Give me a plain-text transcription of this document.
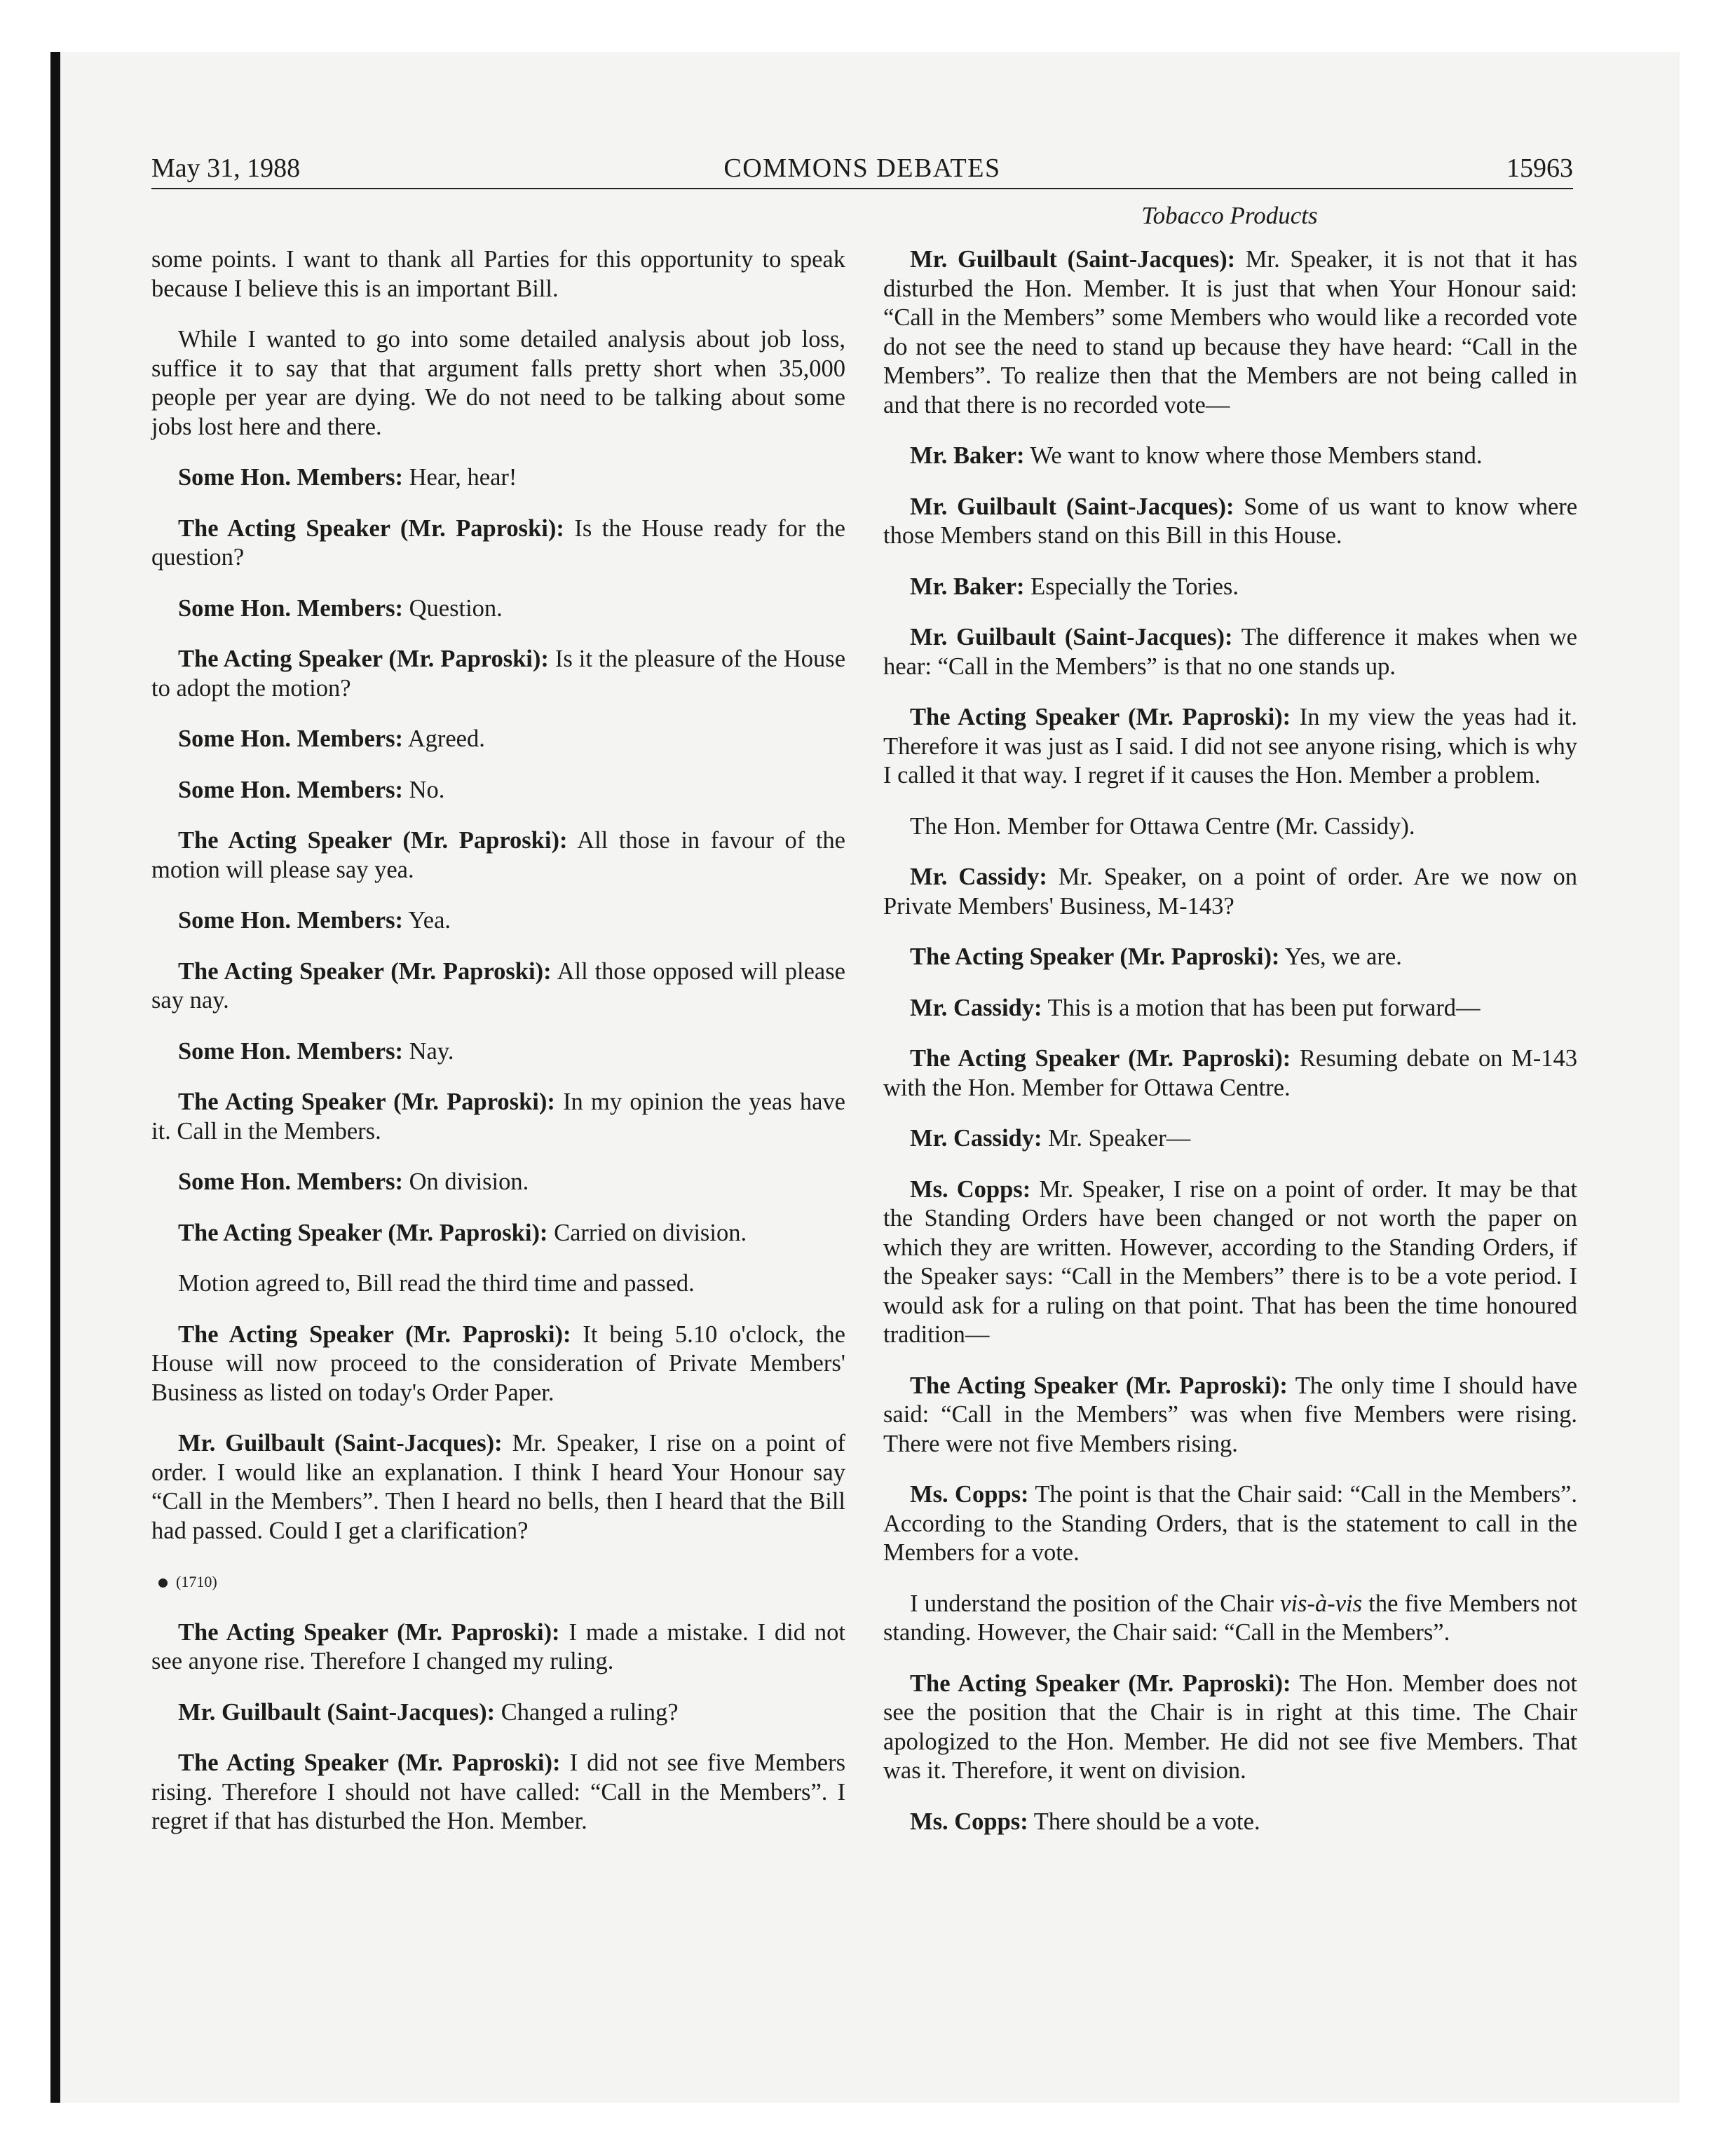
May 31, 1988	COMMONS DEBATES	15963
Tobacco Products

some points. I want to thank all Parties for this opportunity to speak because I believe this is an important Bill.

While I wanted to go into some detailed analysis about job loss, suffice it to say that that argument falls pretty short when 35,000 people per year are dying. We do not need to be talking about some jobs lost here and there.

Some Hon. Members: Hear, hear!

The Acting Speaker (Mr. Paproski): Is the House ready for the question?

Some Hon. Members: Question.

The Acting Speaker (Mr. Paproski): Is it the pleasure of the House to adopt the motion?

Some Hon. Members: Agreed.

Some Hon. Members: No.

The Acting Speaker (Mr. Paproski): All those in favour of the motion will please say yea.

Some Hon. Members: Yea.

The Acting Speaker (Mr. Paproski): All those opposed will please say nay.

Some Hon. Members: Nay.

The Acting Speaker (Mr. Paproski): In my opinion the yeas have it. Call in the Members.

Some Hon. Members: On division.

The Acting Speaker (Mr. Paproski): Carried on division.

Motion agreed to, Bill read the third time and passed.

The Acting Speaker (Mr. Paproski): It being 5.10 o'clock, the House will now proceed to the consideration of Private Members' Business as listed on today's Order Paper.

Mr. Guilbault (Saint-Jacques): Mr. Speaker, I rise on a point of order. I would like an explanation. I think I heard Your Honour say “Call in the Members”. Then I heard no bells, then I heard that the Bill had passed. Could I get a clarification?

(1710)

The Acting Speaker (Mr. Paproski): I made a mistake. I did not see anyone rise. Therefore I changed my ruling.

Mr. Guilbault (Saint-Jacques): Changed a ruling?

The Acting Speaker (Mr. Paproski): I did not see five Members rising. Therefore I should not have called: “Call in the Members”. I regret if that has disturbed the Hon. Member.

Mr. Guilbault (Saint-Jacques): Mr. Speaker, it is not that it has disturbed the Hon. Member. It is just that when Your Honour said: “Call in the Members” some Members who would like a recorded vote do not see the need to stand up because they have heard: “Call in the Members”. To realize then that the Members are not being called in and that there is no recorded vote—

Mr. Baker: We want to know where those Members stand.

Mr. Guilbault (Saint-Jacques): Some of us want to know where those Members stand on this Bill in this House.

Mr. Baker: Especially the Tories.

Mr. Guilbault (Saint-Jacques): The difference it makes when we hear: “Call in the Members” is that no one stands up.

The Acting Speaker (Mr. Paproski): In my view the yeas had it. Therefore it was just as I said. I did not see anyone rising, which is why I called it that way. I regret if it causes the Hon. Member a problem.

The Hon. Member for Ottawa Centre (Mr. Cassidy).

Mr. Cassidy: Mr. Speaker, on a point of order. Are we now on Private Members' Business, M-143?

The Acting Speaker (Mr. Paproski): Yes, we are.

Mr. Cassidy: This is a motion that has been put forward—

The Acting Speaker (Mr. Paproski): Resuming debate on M-143 with the Hon. Member for Ottawa Centre.

Mr. Cassidy: Mr. Speaker—

Ms. Copps: Mr. Speaker, I rise on a point of order. It may be that the Standing Orders have been changed or not worth the paper on which they are written. However, according to the Standing Orders, if the Speaker says: “Call in the Members” there is to be a vote period. I would ask for a ruling on that point. That has been the time honoured tradition—

The Acting Speaker (Mr. Paproski): The only time I should have said: “Call in the Members” was when five Members were rising. There were not five Members rising.

Ms. Copps: The point is that the Chair said: “Call in the Members”. According to the Standing Orders, that is the statement to call in the Members for a vote.

I understand the position of the Chair vis-à-vis the five Members not standing. However, the Chair said: “Call in the Members”.

The Acting Speaker (Mr. Paproski): The Hon. Member does not see the position that the Chair is in right at this time. The Chair apologized to the Hon. Member. He did not see five Members. That was it. Therefore, it went on division.

Ms. Copps: There should be a vote.
